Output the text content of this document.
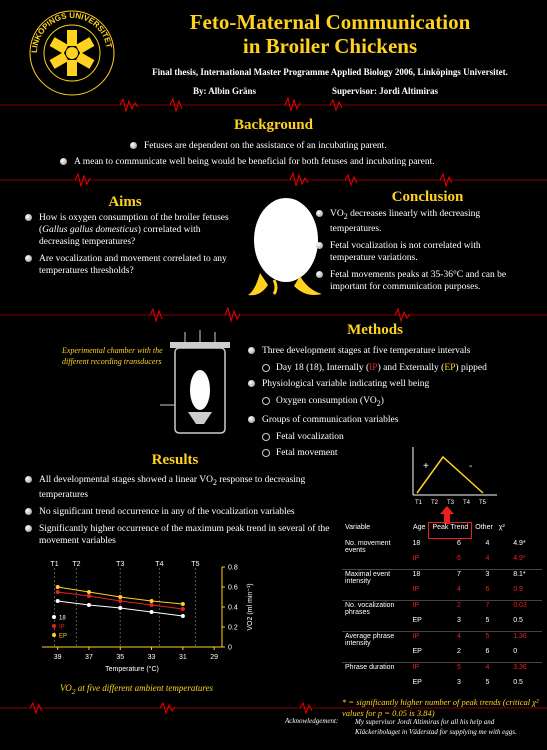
LINKÖPINGS UNIVERSITET
Feto-Maternal Communication
in Broiler Chickens
Final thesis, International Master Programme Applied Biology 2006, Linköpings Universitet.
By: Albin Gräns	Supervisor: Jordi Altimiras
Background
Fetuses are dependent on the assistance of an incubating parent.
A mean to communicate well being would be beneficial for both fetuses and incubating parent.
Aims
How is oxygen consumption of the broiler fetuses (Gallus gallus domesticus) correlated with decreasing temperatures?
Are vocalization and movement correlated to any temperatures thresholds?
Conclusion
$VO_2$ decreases linearly with decreasing temperatures.
Fetal vocalization is not correlated with temperature variations.
Fetal movements peaks at 35-36°C and can be important for communication purposes.
Methods
Experimental chamber with the different recording transducers
Three development stages at five temperature intervals
Day 18 (18), Internally (IP) and Externally (EP) pipped
Physiological variable indicating well being
Oxygen consumption $(VO_2)$
Groups of communication variables
Fetal vocalization
Fetal movement
Results
All developmental stages showed a linear $VO_2$ response to decreasing temperatures
No significant trend occurrence in any of the vocalization variables
Significantly higher occurrence of the maximum peak trend in several of the movement variables
+	-
T1 T2 T3 T4 T5
Variable	Age	Peak Trend	Other	χ²
No. movement events	18	6	4	4.9*
	IP	6	4	4.9*
Maximal event intensity	18	7	3	8.1*
	IP	4	6	0.9
No. vocalization phrases	IP	2	7	0.03
	EP	3	5	0.5
Average phrase intensity	IP	4	5	1.36
	EP	2	6	0
Phrase duration	IP	5	4	3.36
	EP	3	5	0.5
* = significantly higher number of peak trends (critical χ² values for p = 0.05 is 3.84)
39	37	35	33	31	29
0
0.2
0.4
0.6
0.8
Temperature (°C)
VO2 (ml min⁻¹)
T1 T2	T3	T4	T5
18
IP
EP
$VO_2$ at five different ambient temperatures
Acknowledgement: My supervisor Jordi Altimiras for all his help and Kläckeribolaget in Väderstad for supplying me with eggs.
